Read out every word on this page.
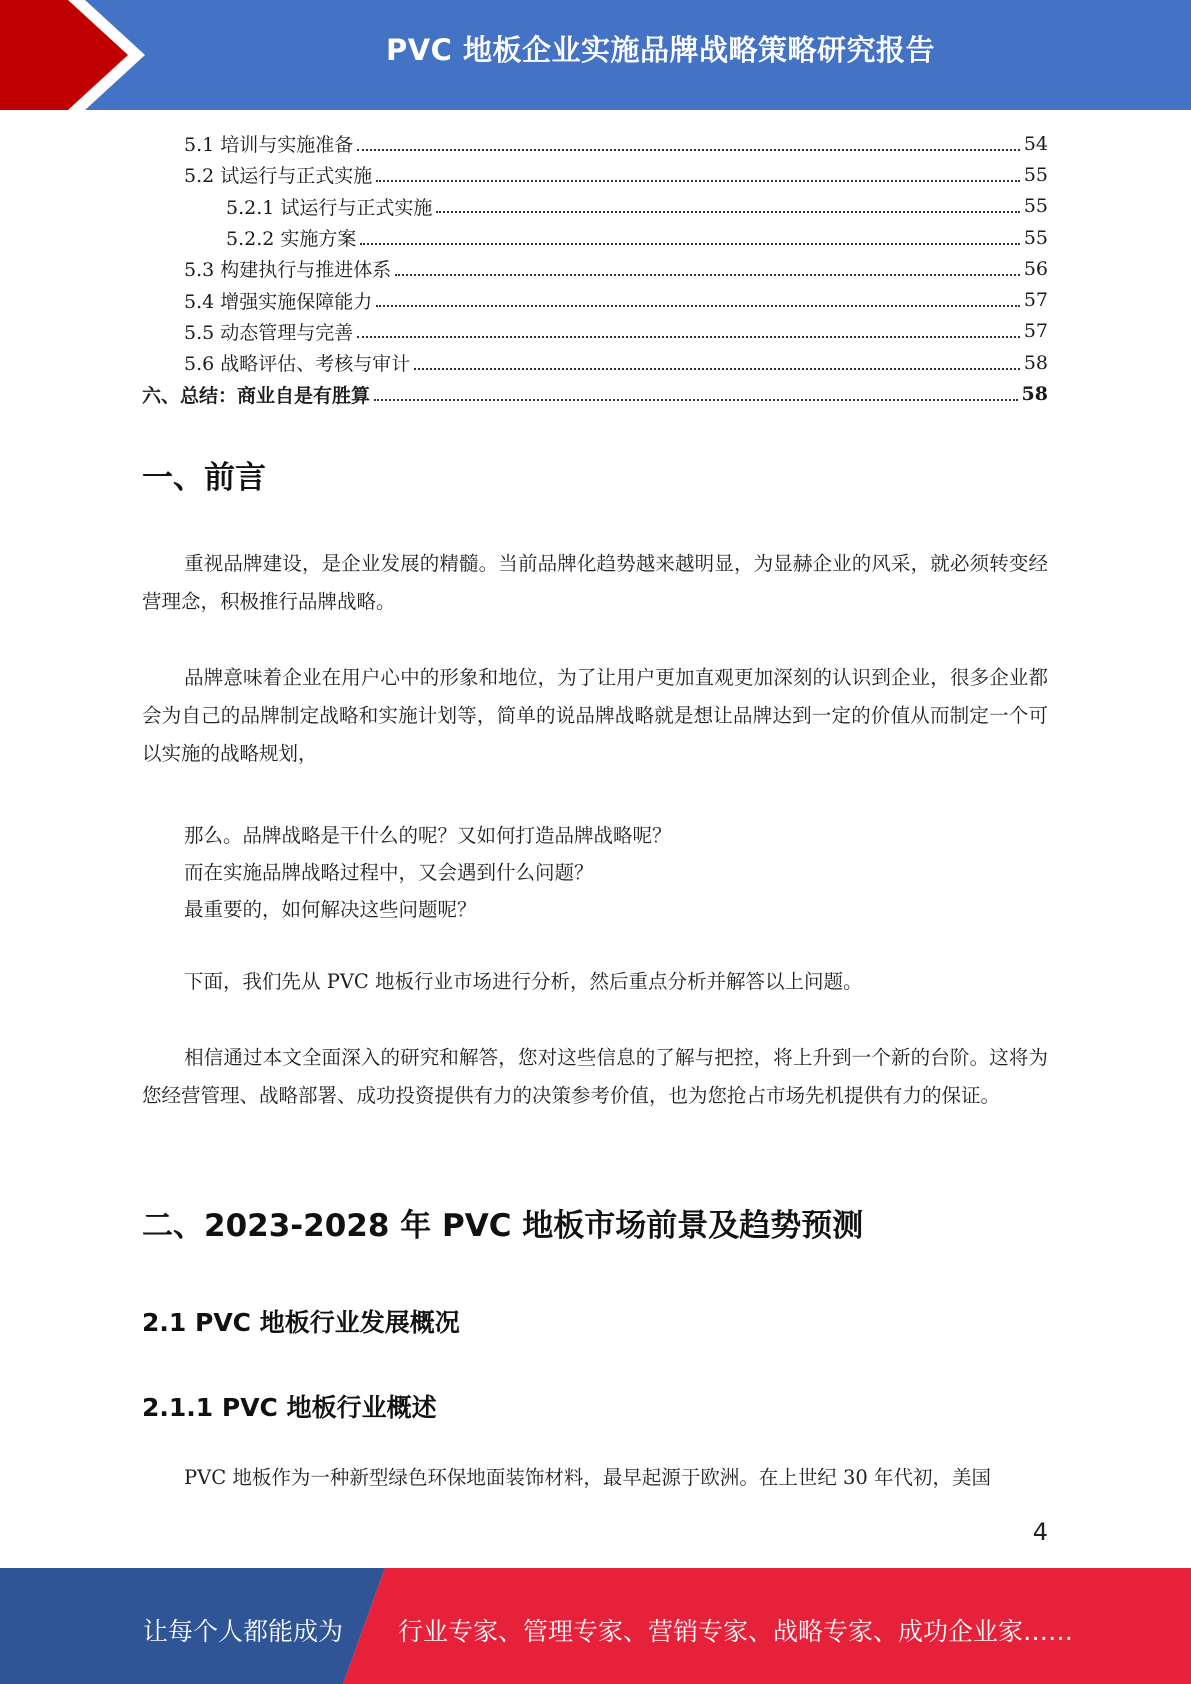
PVC 地板企业实施品牌战略策略研究报告
5.1 培训与实施准备	54
5.2 试运行与正式实施	55
5.2.1 试运行与正式实施	55
5.2.2 实施方案	55
5.3 构建执行与推进体系	56
5.4 增强实施保障能力	57
5.5 动态管理与完善	57
5.6 战略评估、考核与审计	58
六、总结：商业自是有胜算	58
一、前言
重视品牌建设，是企业发展的精髓。当前品牌化趋势越来越明显，为显赫企业的风采，就必须转变经营理念，积极推行品牌战略。
品牌意味着企业在用户心中的形象和地位，为了让用户更加直观更加深刻的认识到企业，很多企业都会为自己的品牌制定战略和实施计划等，简单的说品牌战略就是想让品牌达到一定的价值从而制定一个可以实施的战略规划，
那么。品牌战略是干什么的呢？又如何打造品牌战略呢？
而在实施品牌战略过程中，又会遇到什么问题？
最重要的，如何解决这些问题呢？
下面，我们先从 PVC 地板行业市场进行分析，然后重点分析并解答以上问题。
相信通过本文全面深入的研究和解答，您对这些信息的了解与把控，将上升到一个新的台阶。这将为您经营管理、战略部署、成功投资提供有力的决策参考价值，也为您抢占市场先机提供有力的保证。
二、2023-2028 年 PVC 地板市场前景及趋势预测
2.1 PVC 地板行业发展概况
2.1.1 PVC 地板行业概述
PVC 地板作为一种新型绿色环保地面装饰材料，最早起源于欧洲。在上世纪 30 年代初，美国
4
让每个人都能成为 行业专家、管理专家、营销专家、战略专家、成功企业家……
